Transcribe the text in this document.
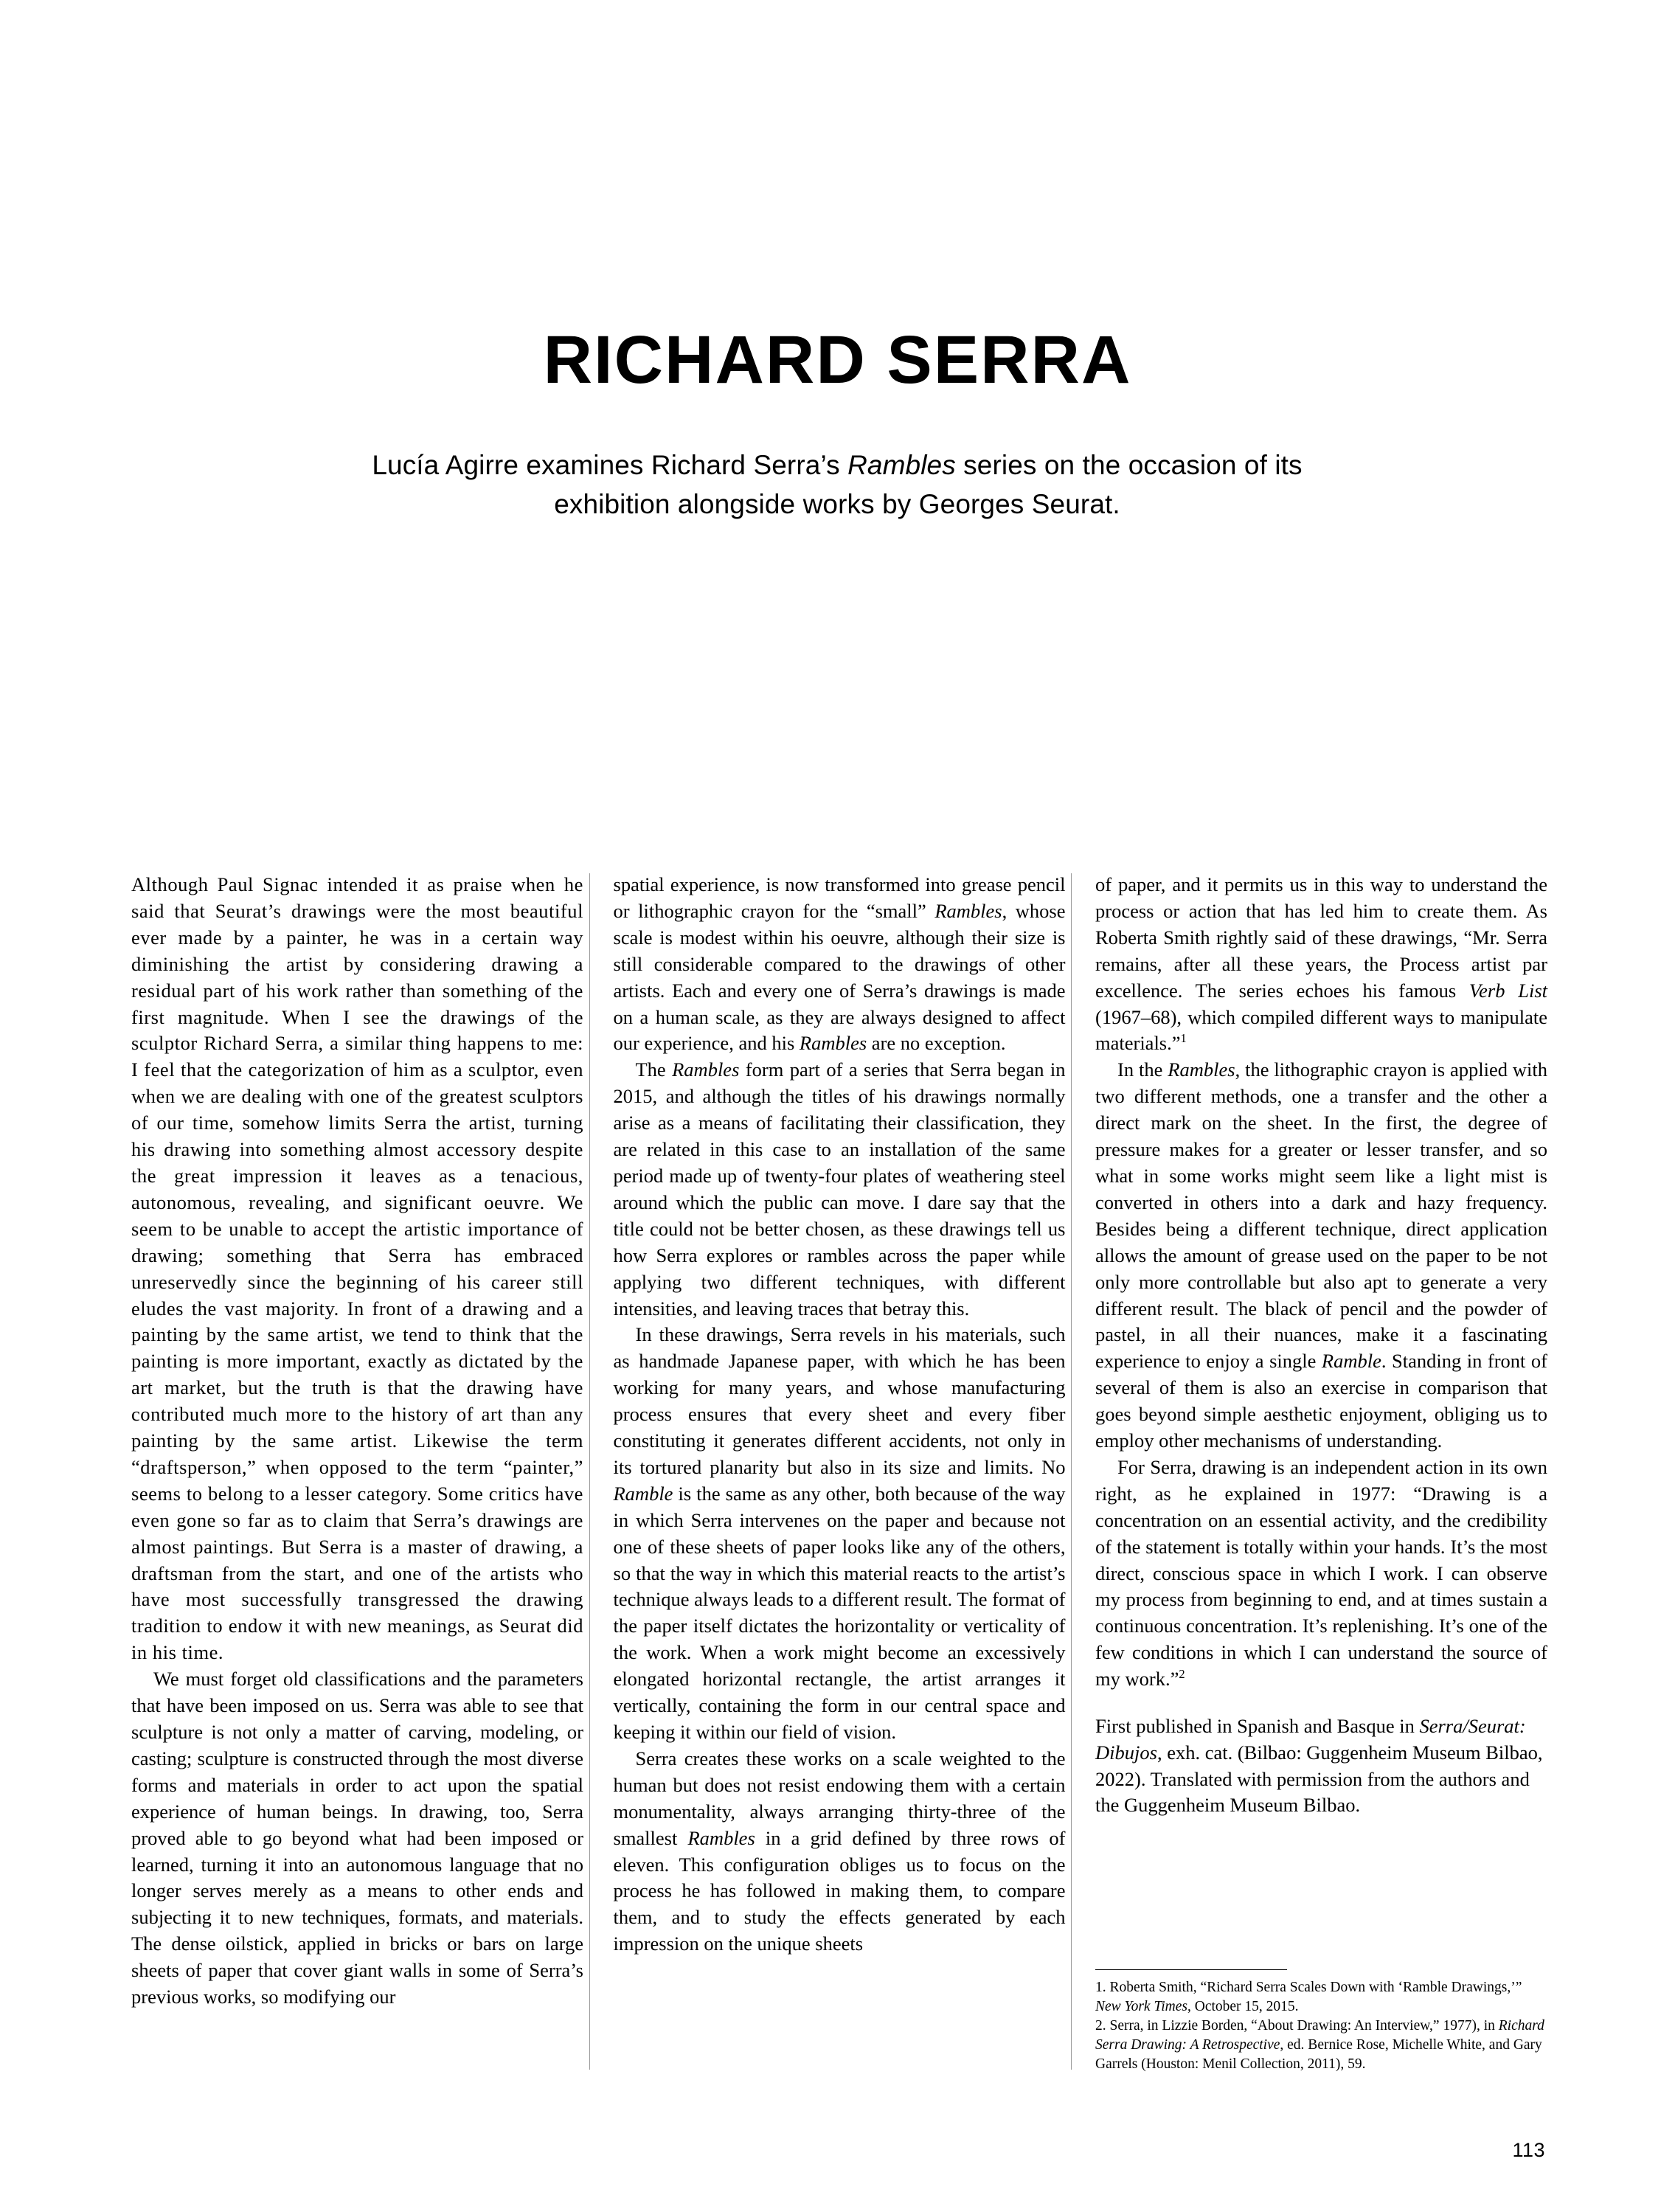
RICHARD SERRA
Lucía Agirre examines Richard Serra’s Rambles series on the occasion of its exhibition alongside works by Georges Seurat.

Although Paul Signac intended it as praise when he said that Seurat’s drawings were the most beautiful ever made by a painter, he was in a certain way diminishing the artist by considering drawing a residual part of his work rather than something of the first magnitude. When I see the drawings of the sculptor Richard Serra, a similar thing happens to me: I feel that the categorization of him as a sculptor, even when we are dealing with one of the greatest sculptors of our time, somehow limits Serra the artist, turning his drawing into something almost accessory despite the great impression it leaves as a tenacious, autonomous, revealing, and significant oeuvre. We seem to be unable to accept the artistic importance of drawing; something that Serra has embraced unreservedly since the beginning of his career still eludes the vast majority. In front of a drawing and a painting by the same artist, we tend to think that the painting is more important, exactly as dictated by the art market, but the truth is that the drawing have contributed much more to the history of art than any painting by the same artist. Likewise the term “draftsperson,” when opposed to the term “painter,” seems to belong to a lesser category. Some critics have even gone so far as to claim that Serra’s drawings are almost paintings. But Serra is a master of drawing, a draftsman from the start, and one of the artists who have most successfully transgressed the drawing tradition to endow it with new meanings, as Seurat did in his time.

We must forget old classifications and the parameters that have been imposed on us. Serra was able to see that sculpture is not only a matter of carving, modeling, or casting; sculpture is constructed through the most diverse forms and materials in order to act upon the spatial experience of human beings. In drawing, too, Serra proved able to go beyond what had been imposed or learned, turning it into an autonomous language that no longer serves merely as a means to other ends and subjecting it to new techniques, formats, and materials. The dense oilstick, applied in bricks or bars on large sheets of paper that cover giant walls in some of Serra’s previous works, so modifying our

spatial experience, is now transformed into grease pencil or lithographic crayon for the “small” Rambles, whose scale is modest within his oeuvre, although their size is still considerable compared to the drawings of other artists. Each and every one of Serra’s drawings is made on a human scale, as they are always designed to affect our experience, and his Rambles are no exception.

The Rambles form part of a series that Serra began in 2015, and although the titles of his drawings normally arise as a means of facilitating their classification, they are related in this case to an installation of the same period made up of twenty-four plates of weathering steel around which the public can move. I dare say that the title could not be better chosen, as these drawings tell us how Serra explores or rambles across the paper while applying two different techniques, with different intensities, and leaving traces that betray this.

In these drawings, Serra revels in his materials, such as handmade Japanese paper, with which he has been working for many years, and whose manufacturing process ensures that every sheet and every fiber constituting it generates different accidents, not only in its tortured planarity but also in its size and limits. No Ramble is the same as any other, both because of the way in which Serra intervenes on the paper and because not one of these sheets of paper looks like any of the others, so that the way in which this material reacts to the artist’s technique always leads to a different result. The format of the paper itself dictates the horizontality or verticality of the work. When a work might become an excessively elongated horizontal rectangle, the artist arranges it vertically, containing the form in our central space and keeping it within our field of vision.

Serra creates these works on a scale weighted to the human but does not resist endowing them with a certain monumentality, always arranging thirty-three of the smallest Rambles in a grid defined by three rows of eleven. This configuration obliges us to focus on the process he has followed in making them, to compare them, and to study the effects generated by each impression on the unique sheets

of paper, and it permits us in this way to understand the process or action that has led him to create them. As Roberta Smith rightly said of these drawings, “Mr. Serra remains, after all these years, the Process artist par excellence. The series echoes his famous Verb List (1967–68), which compiled different ways to manipulate materials.”$^1$

In the Rambles, the lithographic crayon is applied with two different methods, one a transfer and the other a direct mark on the sheet. In the first, the degree of pressure makes for a greater or lesser transfer, and so what in some works might seem like a light mist is converted in others into a dark and hazy frequency. Besides being a different technique, direct application allows the amount of grease used on the paper to be not only more controllable but also apt to generate a very different result. The black of pencil and the powder of pastel, in all their nuances, make it a fascinating experience to enjoy a single Ramble. Standing in front of several of them is also an exercise in comparison that goes beyond simple aesthetic enjoyment, obliging us to employ other mechanisms of understanding.

For Serra, drawing is an independent action in its own right, as he explained in 1977: “Drawing is a concentration on an essential activity, and the credibility of the statement is totally within your hands. It’s the most direct, conscious space in which I work. I can observe my process from beginning to end, and at times sustain a continuous concentration. It’s replenishing. It’s one of the few conditions in which I can understand the source of my work.”$^2$

First published in Spanish and Basque in Serra/Seurat: Dibujos, exh. cat. (Bilbao: Guggenheim Museum Bilbao, 2022). Translated with permission from the authors and the Guggenheim Museum Bilbao.

1. Roberta Smith, “Richard Serra Scales Down with ‘Ramble Drawings,’” New York Times, October 15, 2015.

2. Serra, in Lizzie Borden, “About Drawing: An Interview,” 1977), in Richard Serra Drawing: A Retrospective, ed. Bernice Rose, Michelle White, and Gary Garrels (Houston: Menil Collection, 2011), 59.

113
